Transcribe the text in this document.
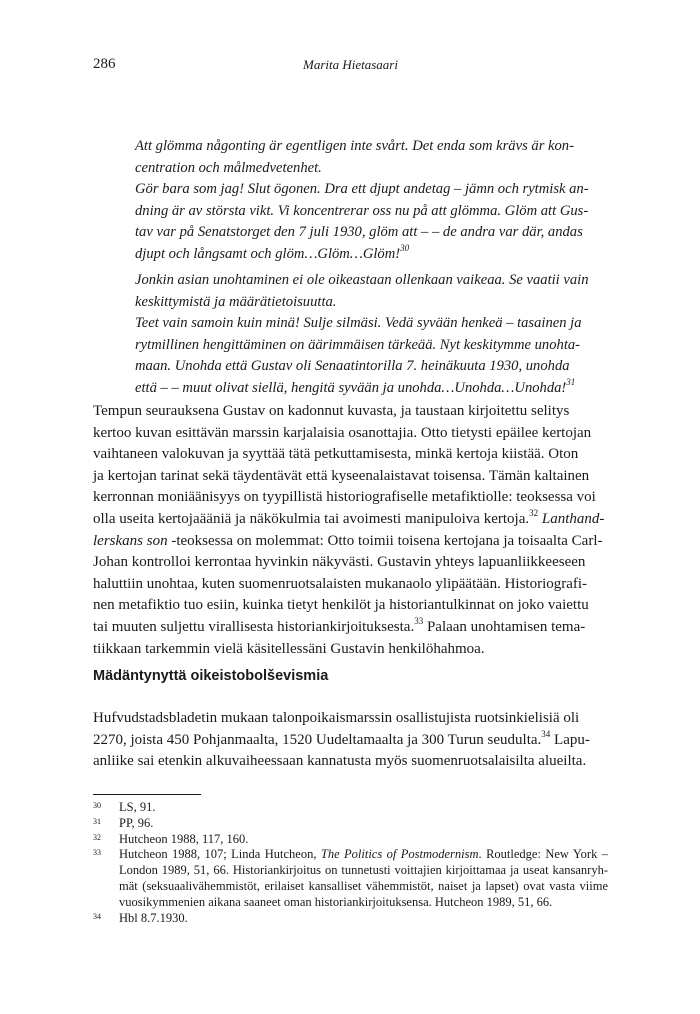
286	Marita Hietasaari

Att glömma någonting är egentligen inte svårt. Det enda som krävs är kon-

centration och målmedvetenhet.

Gör bara som jag! Slut ögonen. Dra ett djupt andetag – jämn och rytmisk an-

dning är av största vikt. Vi koncentrerar oss nu på att glömma. Glöm att Gus-

tav var på Senatstorget den 7 juli 1930, glöm att – – de andra var där, andas

djupt och långsamt och glöm…Glöm…Glöm!$^{30}$

Jonkin asian unohtaminen ei ole oikeastaan ollenkaan vaikeaa. Se vaatii vain

keskittymistä ja määrätietoisuutta.

Teet vain samoin kuin minä! Sulje silmäsi. Vedä syvään henkeä – tasainen ja

rytmillinen hengittäminen on äärimmäisen tärkeää. Nyt keskitymme unohta-

maan. Unohda että Gustav oli Senaatintorilla 7. heinäkuuta 1930, unohda

että – – muut olivat siellä, hengitä syvään ja unohda…Unohda…Unohda!$^{31}$

Tempun seurauksena Gustav on kadonnut kuvasta, ja taustaan kirjoitettu selitys

kertoo kuvan esittävän marssin karjalaisia osanottajia. Otto tietysti epäilee kertojan

vaihtaneen valokuvan ja syyttää tätä petkuttamisesta, minkä kertoja kiistää. Oton

ja kertojan tarinat sekä täydentävät että kyseenalaistavat toisensa. Tämän kaltainen

kerronnan moniäänisyys on tyypillistä historiografiselle metafiktiolle: teoksessa voi

olla useita kertojaääniä ja näkökulmia tai avoimesti manipuloiva kertoja.$^{32}$ Lanthand-

lerskans son -teoksessa on molemmat: Otto toimii toisena kertojana ja toisaalta Carl-

Johan kontrolloi kerrontaa hyvinkin näkyvästi. Gustavin yhteys lapuanliikkeeseen

haluttiin unohtaa, kuten suomenruotsalaisten mukanaolo ylipäätään. Historiografi-

nen metafiktio tuo esiin, kuinka tietyt henkilöt ja historiantulkinnat on joko vaiettu

tai muuten suljettu virallisesta historiankirjoituksesta.$^{33}$ Palaan unohtamisen tema-

tiikkaan tarkemmin vielä käsitellessäni Gustavin henkilöhahmoa.

Mädäntynyttä oikeistobolševismia

Hufvudstadsbladetin mukaan talonpoikaismarssin osallistujista ruotsinkielisiä oli

2270, joista 450 Pohjanmaalta, 1520 Uudeltamaalta ja 300 Turun seudulta.$^{34}$ Lapu-

anliike sai etenkin alkuvaiheessaan kannatusta myös suomenruotsalaisilta alueilta.

30	LS, 91.
31	PP, 96.
32	Hutcheon 1988, 117, 160.
33	Hutcheon 1988, 107; Linda Hutcheon, The Politics of Postmodernism. Routledge: New York – London 1989, 51, 66. Historiankirjoitus on tunnetusti voittajien kirjoittamaa ja useat kansanryh-mät (seksuaalivähemmistöt, erilaiset kansalliset vähemmistöt, naiset ja lapset) ovat vasta viime vuosikymmenien aikana saaneet oman historiankirjoituksensa. Hutcheon 1989, 51, 66.
34	Hbl 8.7.1930.
